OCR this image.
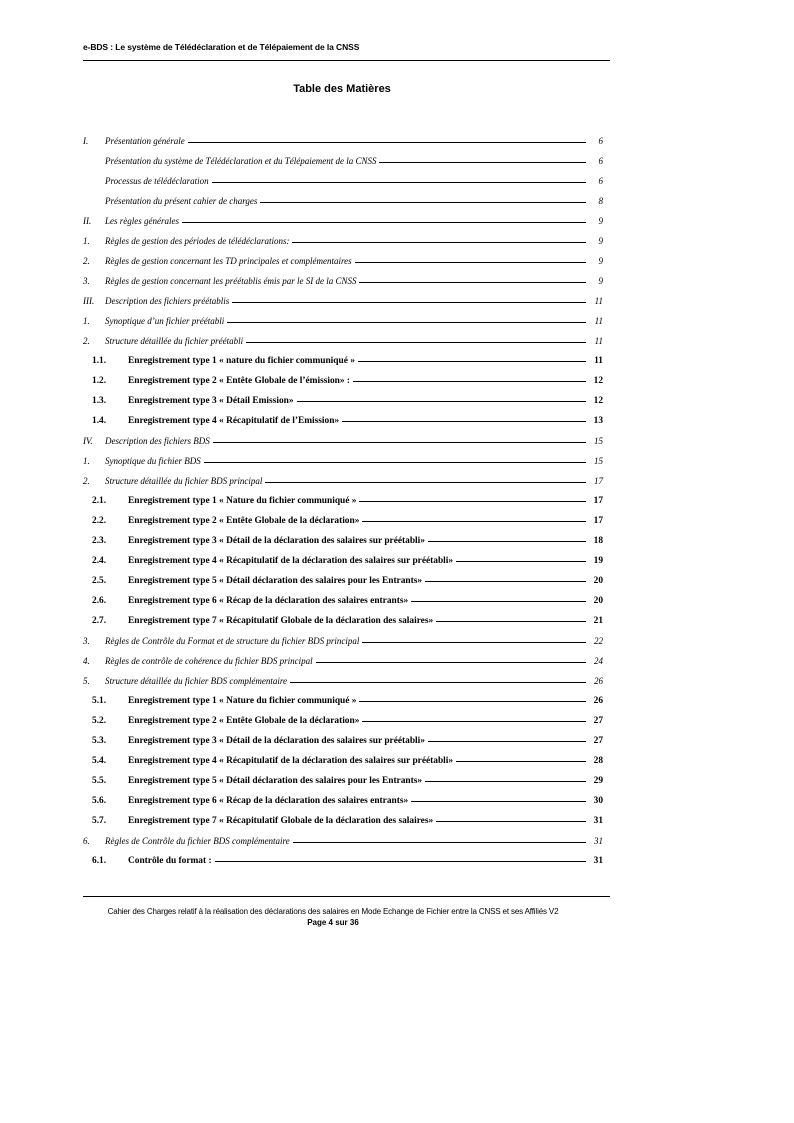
e-BDS : Le système de Télédéclaration et de Télépaiement de la CNSS
Table des Matières
I.	Présentation générale	6
Présentation du système de Télédéclaration et du Télépaiement de la CNSS	6
Processus de télédéclaration	6
Présentation du présent cahier de charges	8
II.	Les règles générales	9
1.	Règles de gestion des périodes de télédéclarations:	9
2.	Règles de gestion concernant les TD principales et complémentaires	9
3.	Règles de gestion concernant les préétablis émis par le SI de la CNSS	9
III.	Description des fichiers préétablis	11
1.	Synoptique d’un fichier préétabli	11
2.	Structure détaillée du fichier préétabli	11
1.1.	Enregistrement type 1 « nature du fichier communiqué »	11
1.2.	Enregistrement type 2 « Entête Globale de l’émission» :	12
1.3.	Enregistrement type 3 « Détail Emission»	12
1.4.	Enregistrement type 4 « Récapitulatif de l’Emission»	13
IV.	Description des fichiers BDS	15
1.	Synoptique du fichier BDS	15
2.	Structure détaillée du fichier BDS principal	17
2.1.	Enregistrement type 1 « Nature du fichier communiqué »	17
2.2.	Enregistrement type 2 « Entête Globale de la déclaration»	17
2.3.	Enregistrement type 3 « Détail de la déclaration des salaires sur préétabli»	18
2.4.	Enregistrement type 4 « Récapitulatif de la déclaration des salaires sur préétabli»	19
2.5.	Enregistrement type 5 « Détail déclaration des salaires pour les Entrants»	20
2.6.	Enregistrement type 6 « Récap de la déclaration des salaires entrants»	20
2.7.	Enregistrement type 7 « Récapitulatif Globale de la déclaration des salaires»	21
3.	Règles de Contrôle du Format et de structure du fichier BDS principal	22
4.	Règles de contrôle de cohérence du fichier BDS principal	24
5.	Structure détaillée du fichier BDS complémentaire	26
5.1.	Enregistrement type 1 « Nature du fichier communiqué »	26
5.2.	Enregistrement type 2 « Entête Globale de la déclaration»	27
5.3.	Enregistrement type 3 « Détail de la déclaration des salaires sur préétabli»	27
5.4.	Enregistrement type 4 « Récapitulatif de la déclaration des salaires sur préétabli»	28
5.5.	Enregistrement type 5 « Détail déclaration des salaires pour les Entrants»	29
5.6.	Enregistrement type 6 « Récap de la déclaration des salaires entrants»	30
5.7.	Enregistrement type 7 « Récapitulatif Globale de la déclaration des salaires»	31
6.	Règles de Contrôle du fichier BDS complémentaire	31
6.1.	Contrôle du format :	31
Cahier des Charges relatif à la réalisation des déclarations des salaires en Mode Echange de Fichier entre la CNSS et ses Affiliés V2
Page 4 sur 36
